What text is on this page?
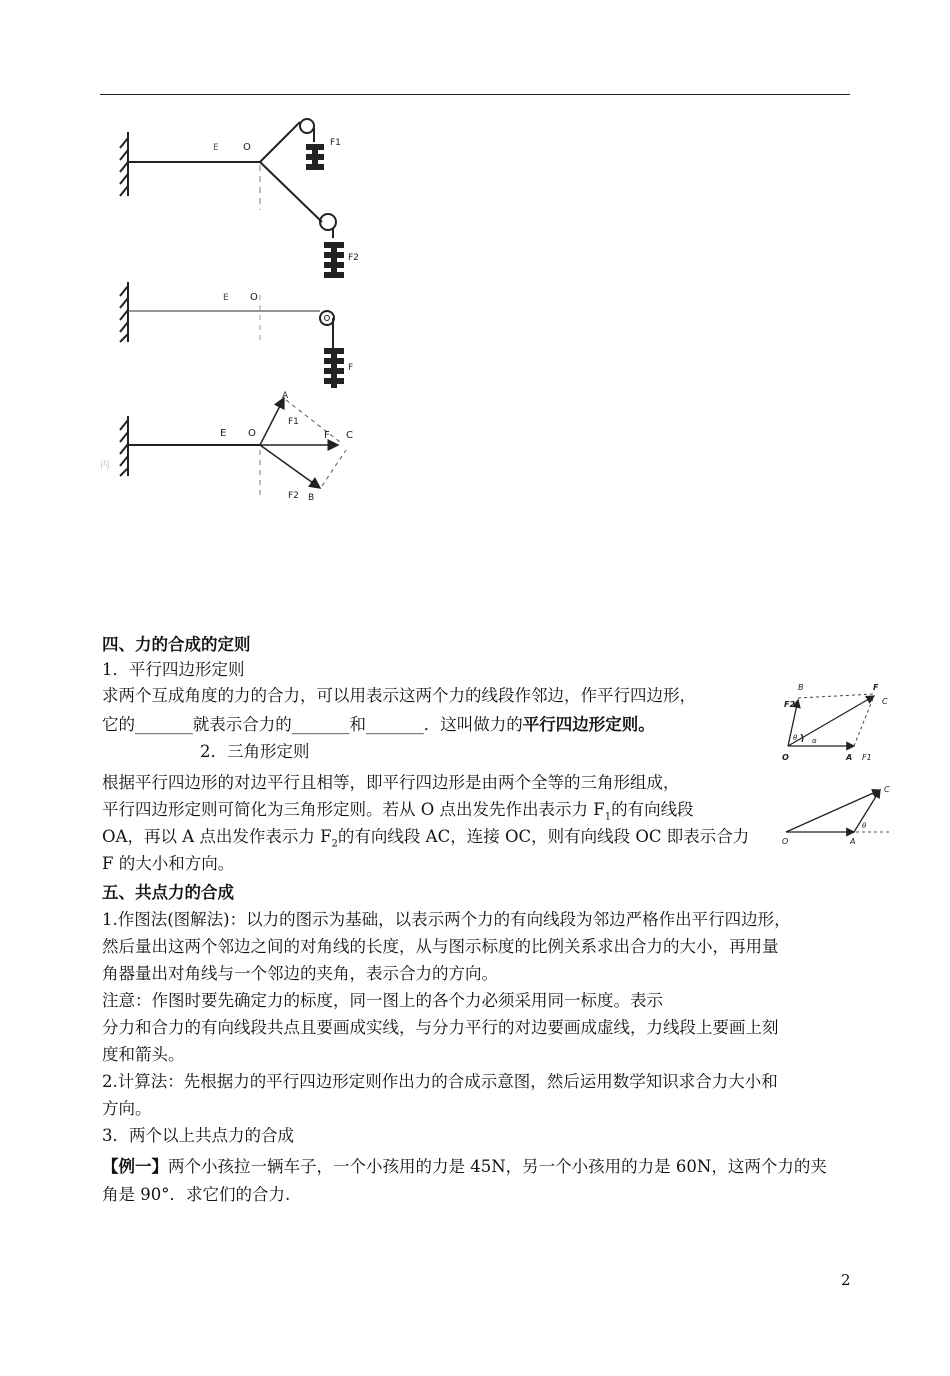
E O	F1
F2
E O
F
丙
E O
A
F1
F C
F2 B
B
F2
F
C
θ α
O	A F1
C
θ
O	A
四、力的合成的定则
1．平行四边形定则
求两个互成角度的力的合力，可以用表示这两个力的线段作邻边，作平行四边形，
它的_______就表示合力的_______和_______．这叫做力的平行四边形定则。
2．三角形定则
根据平行四边形的对边平行且相等，即平行四边形是由两个全等的三角形组成，
平行四边形定则可简化为三角形定则。若从 O 点出发先作出表示力 $F_1$的有向线段
OA，再以 A 点出发作表示力 $F_2$的有向线段 AC，连接 OC，则有向线段 OC 即表示合力
F 的大小和方向。
五、共点力的合成
1.作图法(图解法)：以力的图示为基础，以表示两个力的有向线段为邻边严格作出平行四边形，
然后量出这两个邻边之间的对角线的长度，从与图示标度的比例关系求出合力的大小，再用量
角器量出对角线与一个邻边的夹角，表示合力的方向。
注意：作图时要先确定力的标度，同一图上的各个力必须采用同一标度。表示
分力和合力的有向线段共点且要画成实线，与分力平行的对边要画成虚线，力线段上要画上刻
度和箭头。
2.计算法：先根据力的平行四边形定则作出力的合成示意图，然后运用数学知识求合力大小和
方向。
3．两个以上共点力的合成
【例一】两个小孩拉一辆车子，一个小孩用的力是 45N，另一个小孩用的力是 60N，这两个力的夹
角是 90°．求它们的合力.
2
